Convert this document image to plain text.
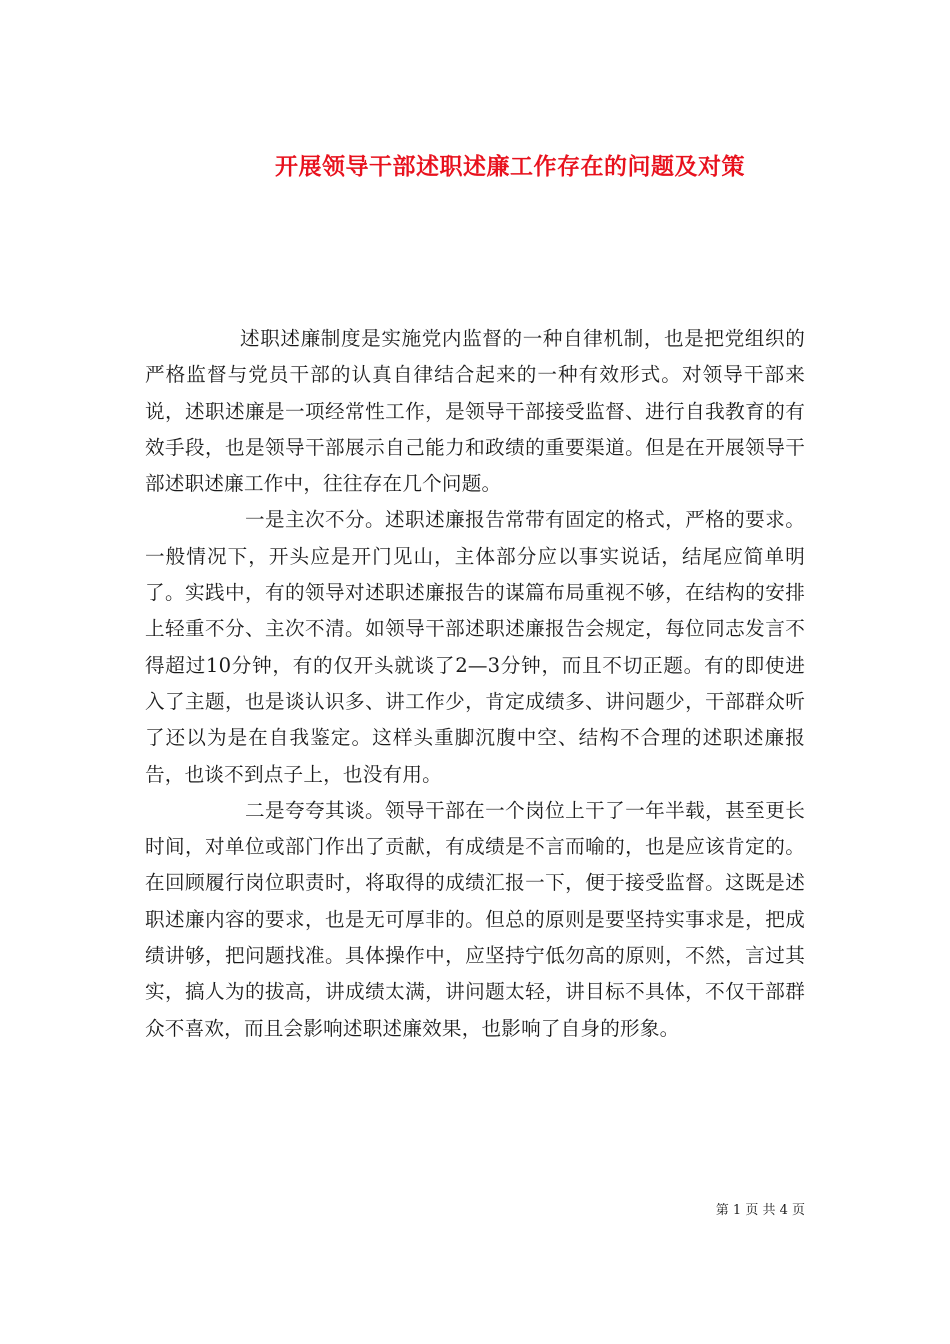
开展领导干部述职述廉工作存在的问题及对策

述职述廉制度是实施党内监督的一种自律机制，也是把党组织的严格监督与党员干部的认真自律结合起来的一种有效形式。对领导干部来说，述职述廉是一项经常性工作，是领导干部接受监督、进行自我教育的有效手段，也是领导干部展示自己能力和政绩的重要渠道。但是在开展领导干部述职述廉工作中，往往存在几个问题。

一是主次不分。述职述廉报告常带有固定的格式，严格的要求。一般情况下，开头应是开门见山，主体部分应以事实说话，结尾应简单明了。实践中，有的领导对述职述廉报告的谋篇布局重视不够，在结构的安排上轻重不分、主次不清。如领导干部述职述廉报告会规定，每位同志发言不得超过10分钟，有的仅开头就谈了2—3分钟，而且不切正题。有的即使进入了主题，也是谈认识多、讲工作少，肯定成绩多、讲问题少，干部群众听了还以为是在自我鉴定。这样头重脚沉腹中空、结构不合理的述职述廉报告，也谈不到点子上，也没有用。

二是夸夸其谈。领导干部在一个岗位上干了一年半载，甚至更长时间，对单位或部门作出了贡献，有成绩是不言而喻的，也是应该肯定的。在回顾履行岗位职责时，将取得的成绩汇报一下，便于接受监督。这既是述职述廉内容的要求，也是无可厚非的。但总的原则是要坚持实事求是，把成绩讲够，把问题找准。具体操作中，应坚持宁低勿高的原则，不然，言过其实，搞人为的拔高，讲成绩太满，讲问题太轻，讲目标不具体，不仅干部群众不喜欢，而且会影响述职述廉效果，也影响了自身的形象。

第 1 页 共 4 页
